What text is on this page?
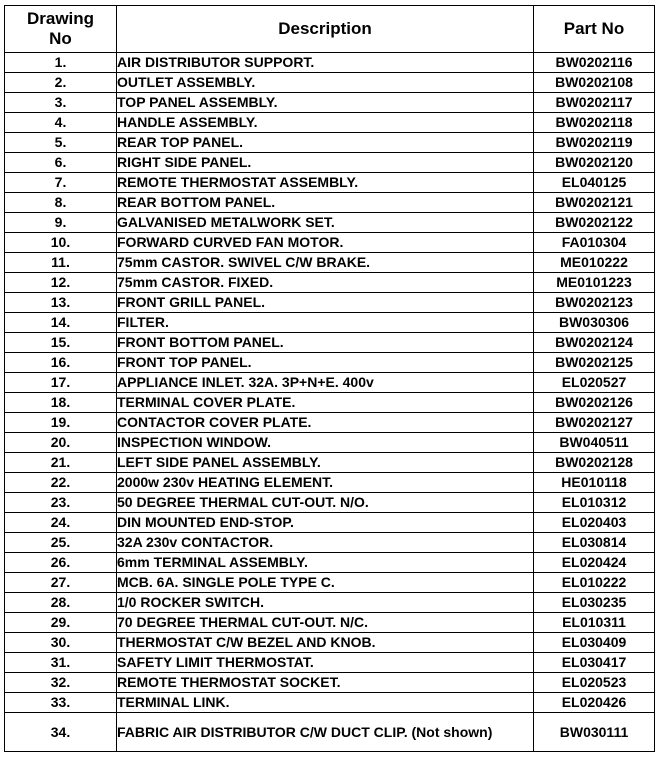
Drawing
No	Description	Part No
1.	AIR DISTRIBUTOR SUPPORT.	BW0202116
2.	OUTLET ASSEMBLY.	BW0202108
3.	TOP PANEL ASSEMBLY.	BW0202117
4.	HANDLE ASSEMBLY.	BW0202118
5.	REAR TOP PANEL.	BW0202119
6.	RIGHT SIDE PANEL.	BW0202120
7.	REMOTE THERMOSTAT ASSEMBLY.	EL040125
8.	REAR BOTTOM PANEL.	BW0202121
9.	GALVANISED METALWORK SET.	BW0202122
10.	FORWARD CURVED FAN MOTOR.	FA010304
11.	75mm CASTOR. SWIVEL C/W BRAKE.	ME010222
12.	75mm CASTOR. FIXED.	ME0101223
13.	FRONT GRILL PANEL.	BW0202123
14.	FILTER.	BW030306
15.	FRONT BOTTOM PANEL.	BW0202124
16.	FRONT TOP PANEL.	BW0202125
17.	APPLIANCE INLET. 32A. 3P+N+E. 400v	EL020527
18.	TERMINAL COVER PLATE.	BW0202126
19.	CONTACTOR COVER PLATE.	BW0202127
20.	INSPECTION WINDOW.	BW040511
21.	LEFT SIDE PANEL ASSEMBLY.	BW0202128
22.	2000w 230v HEATING ELEMENT.	HE010118
23.	50 DEGREE THERMAL CUT-OUT. N/O.	EL010312
24.	DIN MOUNTED END-STOP.	EL020403
25.	32A 230v CONTACTOR.	EL030814
26.	6mm TERMINAL ASSEMBLY.	EL020424
27.	MCB. 6A. SINGLE POLE TYPE C.	EL010222
28.	1/0 ROCKER SWITCH.	EL030235
29.	70 DEGREE THERMAL CUT-OUT. N/C.	EL010311
30.	THERMOSTAT C/W BEZEL AND KNOB.	EL030409
31.	SAFETY LIMIT THERMOSTAT.	EL030417
32.	REMOTE THERMOSTAT SOCKET.	EL020523
33.	TERMINAL LINK.	EL020426
34.	FABRIC AIR DISTRIBUTOR C/W DUCT CLIP. (Not shown)	BW030111
